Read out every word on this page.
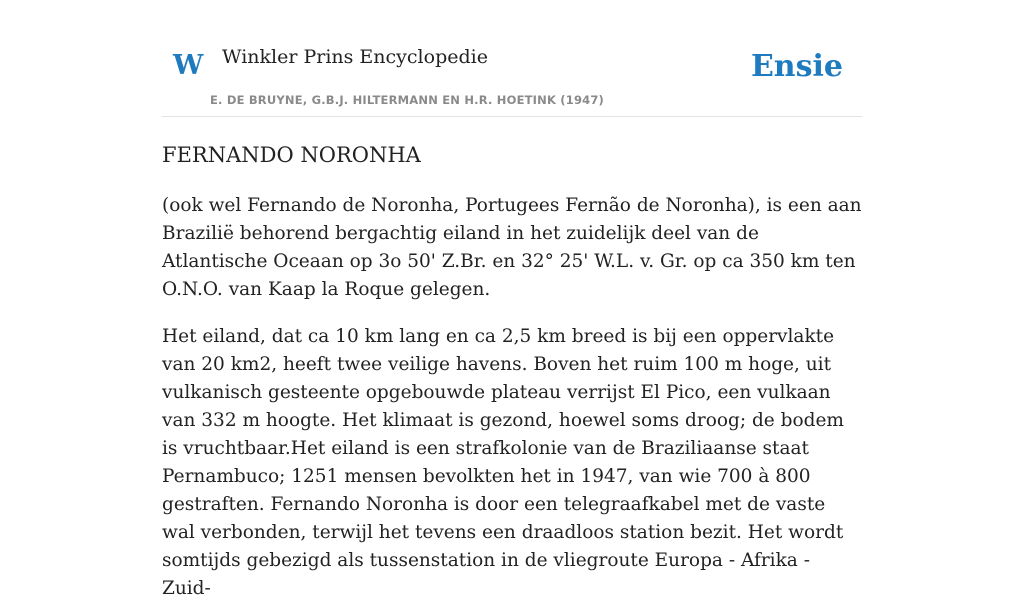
W Winkler Prins Encyclopedie
E. DE BRUYNE, G.B.J. HILTERMANN EN H.R. HOETINK (1947)
Ensie
FERNANDO NORONHA

(ook wel Fernando de Noronha, Portugees Fernão de Noronha), is een aan Brazilië behorend bergachtig eiland in het zuidelijk deel van de Atlantische Oceaan op 3o 50' Z.Br. en 32° 25' W.L. v. Gr. op ca 350 km ten O.N.O. van Kaap la Roque gelegen.

Het eiland, dat ca 10 km lang en ca 2,5 km breed is bij een oppervlakte van 20 km2, heeft twee veilige havens. Boven het ruim 100 m hoge, uit vulkanisch gesteente opgebouwde plateau verrijst El Pico, een vulkaan van 332 m hoogte. Het klimaat is gezond, hoewel soms droog; de bodem is vruchtbaar.Het eiland is een strafkolonie van de Braziliaanse staat Pernambuco; 1251 mensen bevolkten het in 1947, van wie 700 à 800 gestraften. Fernando Noronha is door een telegraafkabel met de vaste wal verbonden, terwijl het tevens een draadloos station bezit. Het wordt somtijds gebezigd als tussenstation in de vliegroute Europa - Afrika - Zuid-
